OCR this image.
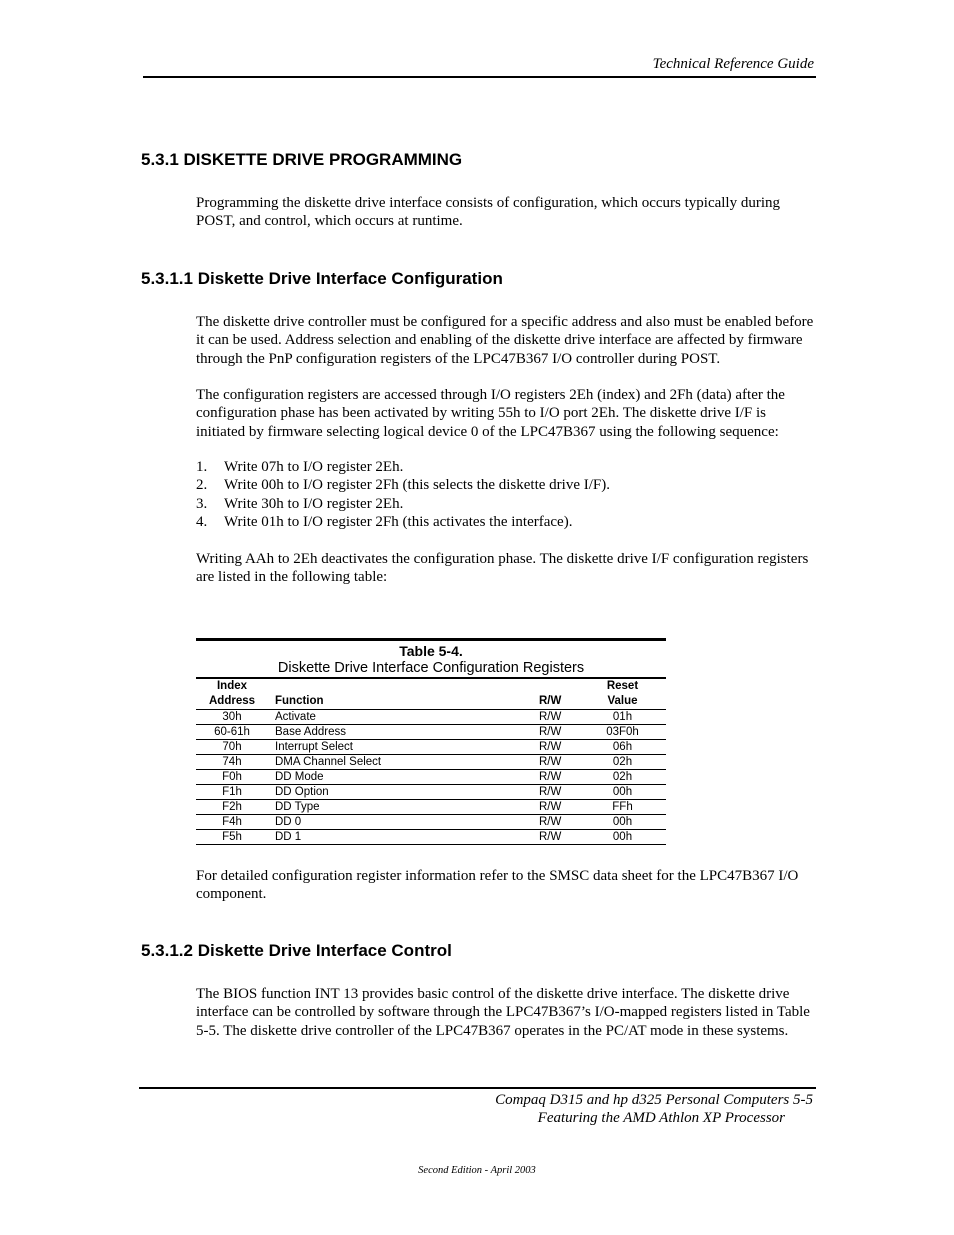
Technical Reference Guide
5.3.1 DISKETTE DRIVE PROGRAMMING
Programming the diskette drive interface consists of configuration, which occurs typically during POST, and control, which occurs at runtime.
5.3.1.1 Diskette Drive Interface Configuration
The diskette drive controller must be configured for a specific address and also must be enabled before it can be used. Address selection and enabling of the diskette drive interface are affected by firmware through the PnP configuration registers of the LPC47B367 I/O controller during POST.
The configuration registers are accessed through I/O registers 2Eh (index) and 2Fh (data) after the configuration phase has been activated by writing 55h to I/O port 2Eh. The diskette drive I/F is initiated by firmware selecting logical device 0 of the LPC47B367 using the following sequence:
1.	Write 07h to I/O register 2Eh.
2.	Write 00h to I/O register 2Fh (this selects the diskette drive I/F).
3.	Write 30h to I/O register 2Eh.
4.	Write 01h to I/O register 2Fh (this activates the interface).
Writing AAh to 2Eh deactivates the configuration phase. The diskette drive I/F configuration registers are listed in the following table:
Table 5-4.
Diskette Drive Interface Configuration Registers
Index
Address	Function	R/W	Reset
Value
30h	Activate	R/W	01h
60-61h	Base Address	R/W	03F0h
70h	Interrupt Select	R/W	06h
74h	DMA Channel Select	R/W	02h
F0h	DD Mode	R/W	02h
F1h	DD Option	R/W	00h
F2h	DD Type	R/W	FFh
F4h	DD 0	R/W	00h
F5h	DD 1	R/W	00h
For detailed configuration register information refer to the SMSC data sheet for the LPC47B367 I/O component.
5.3.1.2 Diskette Drive Interface Control
The BIOS function INT 13 provides basic control of the diskette drive interface. The diskette drive interface can be controlled by software through the LPC47B367’s I/O-mapped registers listed in Table 5-5. The diskette drive controller of the LPC47B367 operates in the PC/AT mode in these systems.
Compaq D315 and hp d325 Personal Computers 5-5
Featuring the AMD Athlon XP Processor
Second Edition - April 2003
